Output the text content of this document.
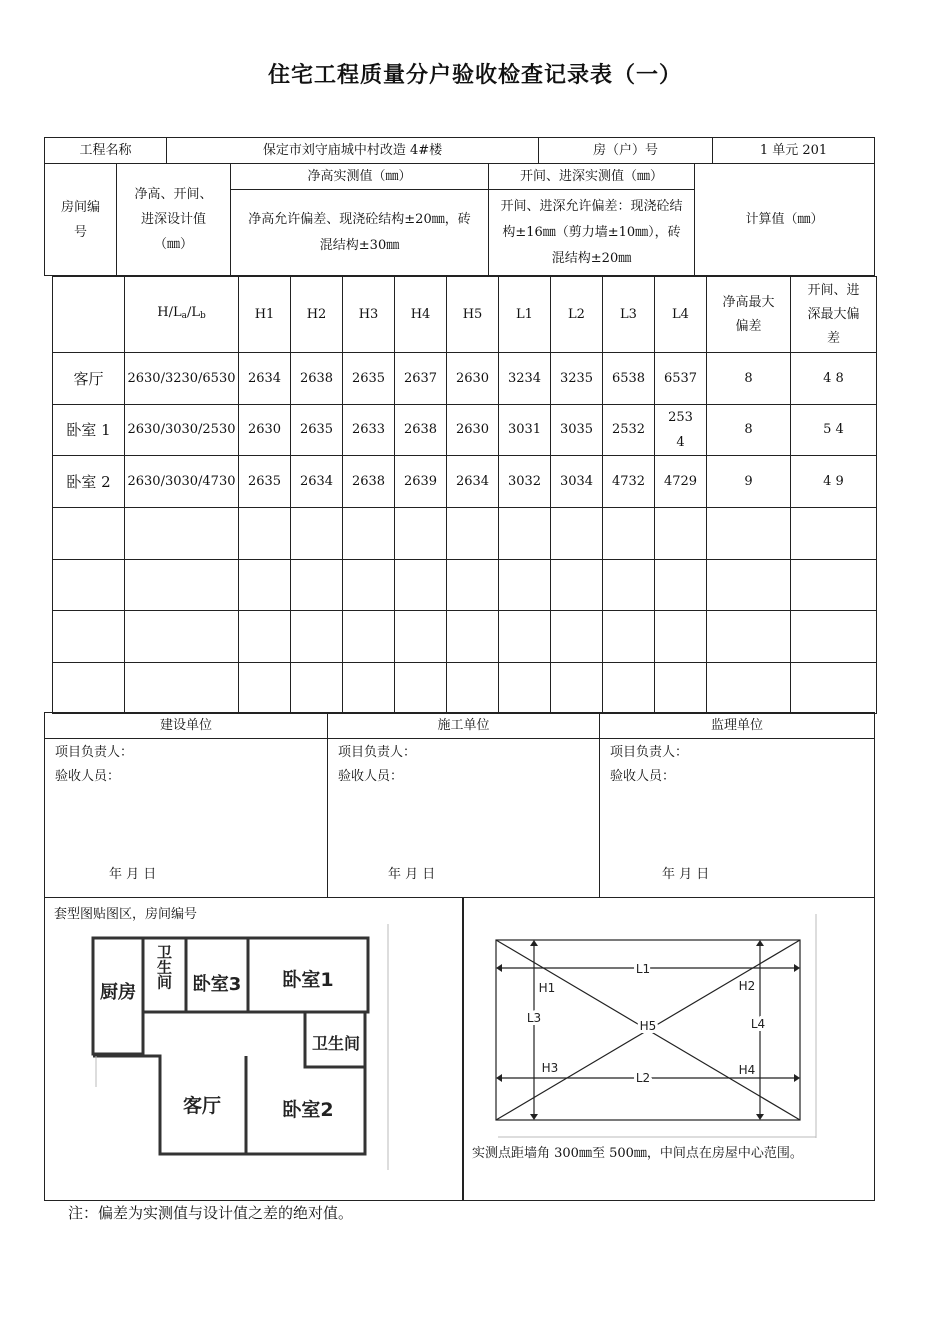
住宅工程质量分户验收检查记录表（一）
工程名称	保定市刘守庙城中村改造 4#楼	房（户）号	1 单元 201
房间编号	净高、开间、进深设计值（㎜）	净高实测值（㎜）	开间、进深实测值（㎜）	计算值（㎜）

		净高允许偏差、现浇砼结构±20㎜，砖混结构±30㎜	开间、进深允许偏差：现浇砼结构±16㎜（剪力墙±10㎜），砖混结构±20㎜	
	$H/L_a/L_b$	H1	H2	H3	H4	H5	L1	L2	L3	L4	净高最大偏差	开间、进深最大偏差

客厅	2630/3230/6530	2634	2638	2635	2637	2630	3234	3235	6538	6537	8	4 8
卧室 1	2630/3030/2530	2630	2635	2633	2638	2630	3031	3035	2532	2534	8	5 4
卧室 2	2630/3030/4730	2635	2634	2638	2639	2634	3032	3034	4732	4729	9	4 9

建设单位	施工单位	监理单位

项目负责人：
验收人员：
年 月 日	项目负责人：
验收人员：
年 月 日	项目负责人：
验收人员：
年 月 日
套型图贴图区，房间编号
厨房
卫生间 卧室3 卧室1
卫生间
客厅	卧室2
L1
L2
L3	L4
H1	H2
H3	H4
H5
实测点距墙角 300㎜至 500㎜，中间点在房屋中心范围。
注：偏差为实测值与设计值之差的绝对值。
